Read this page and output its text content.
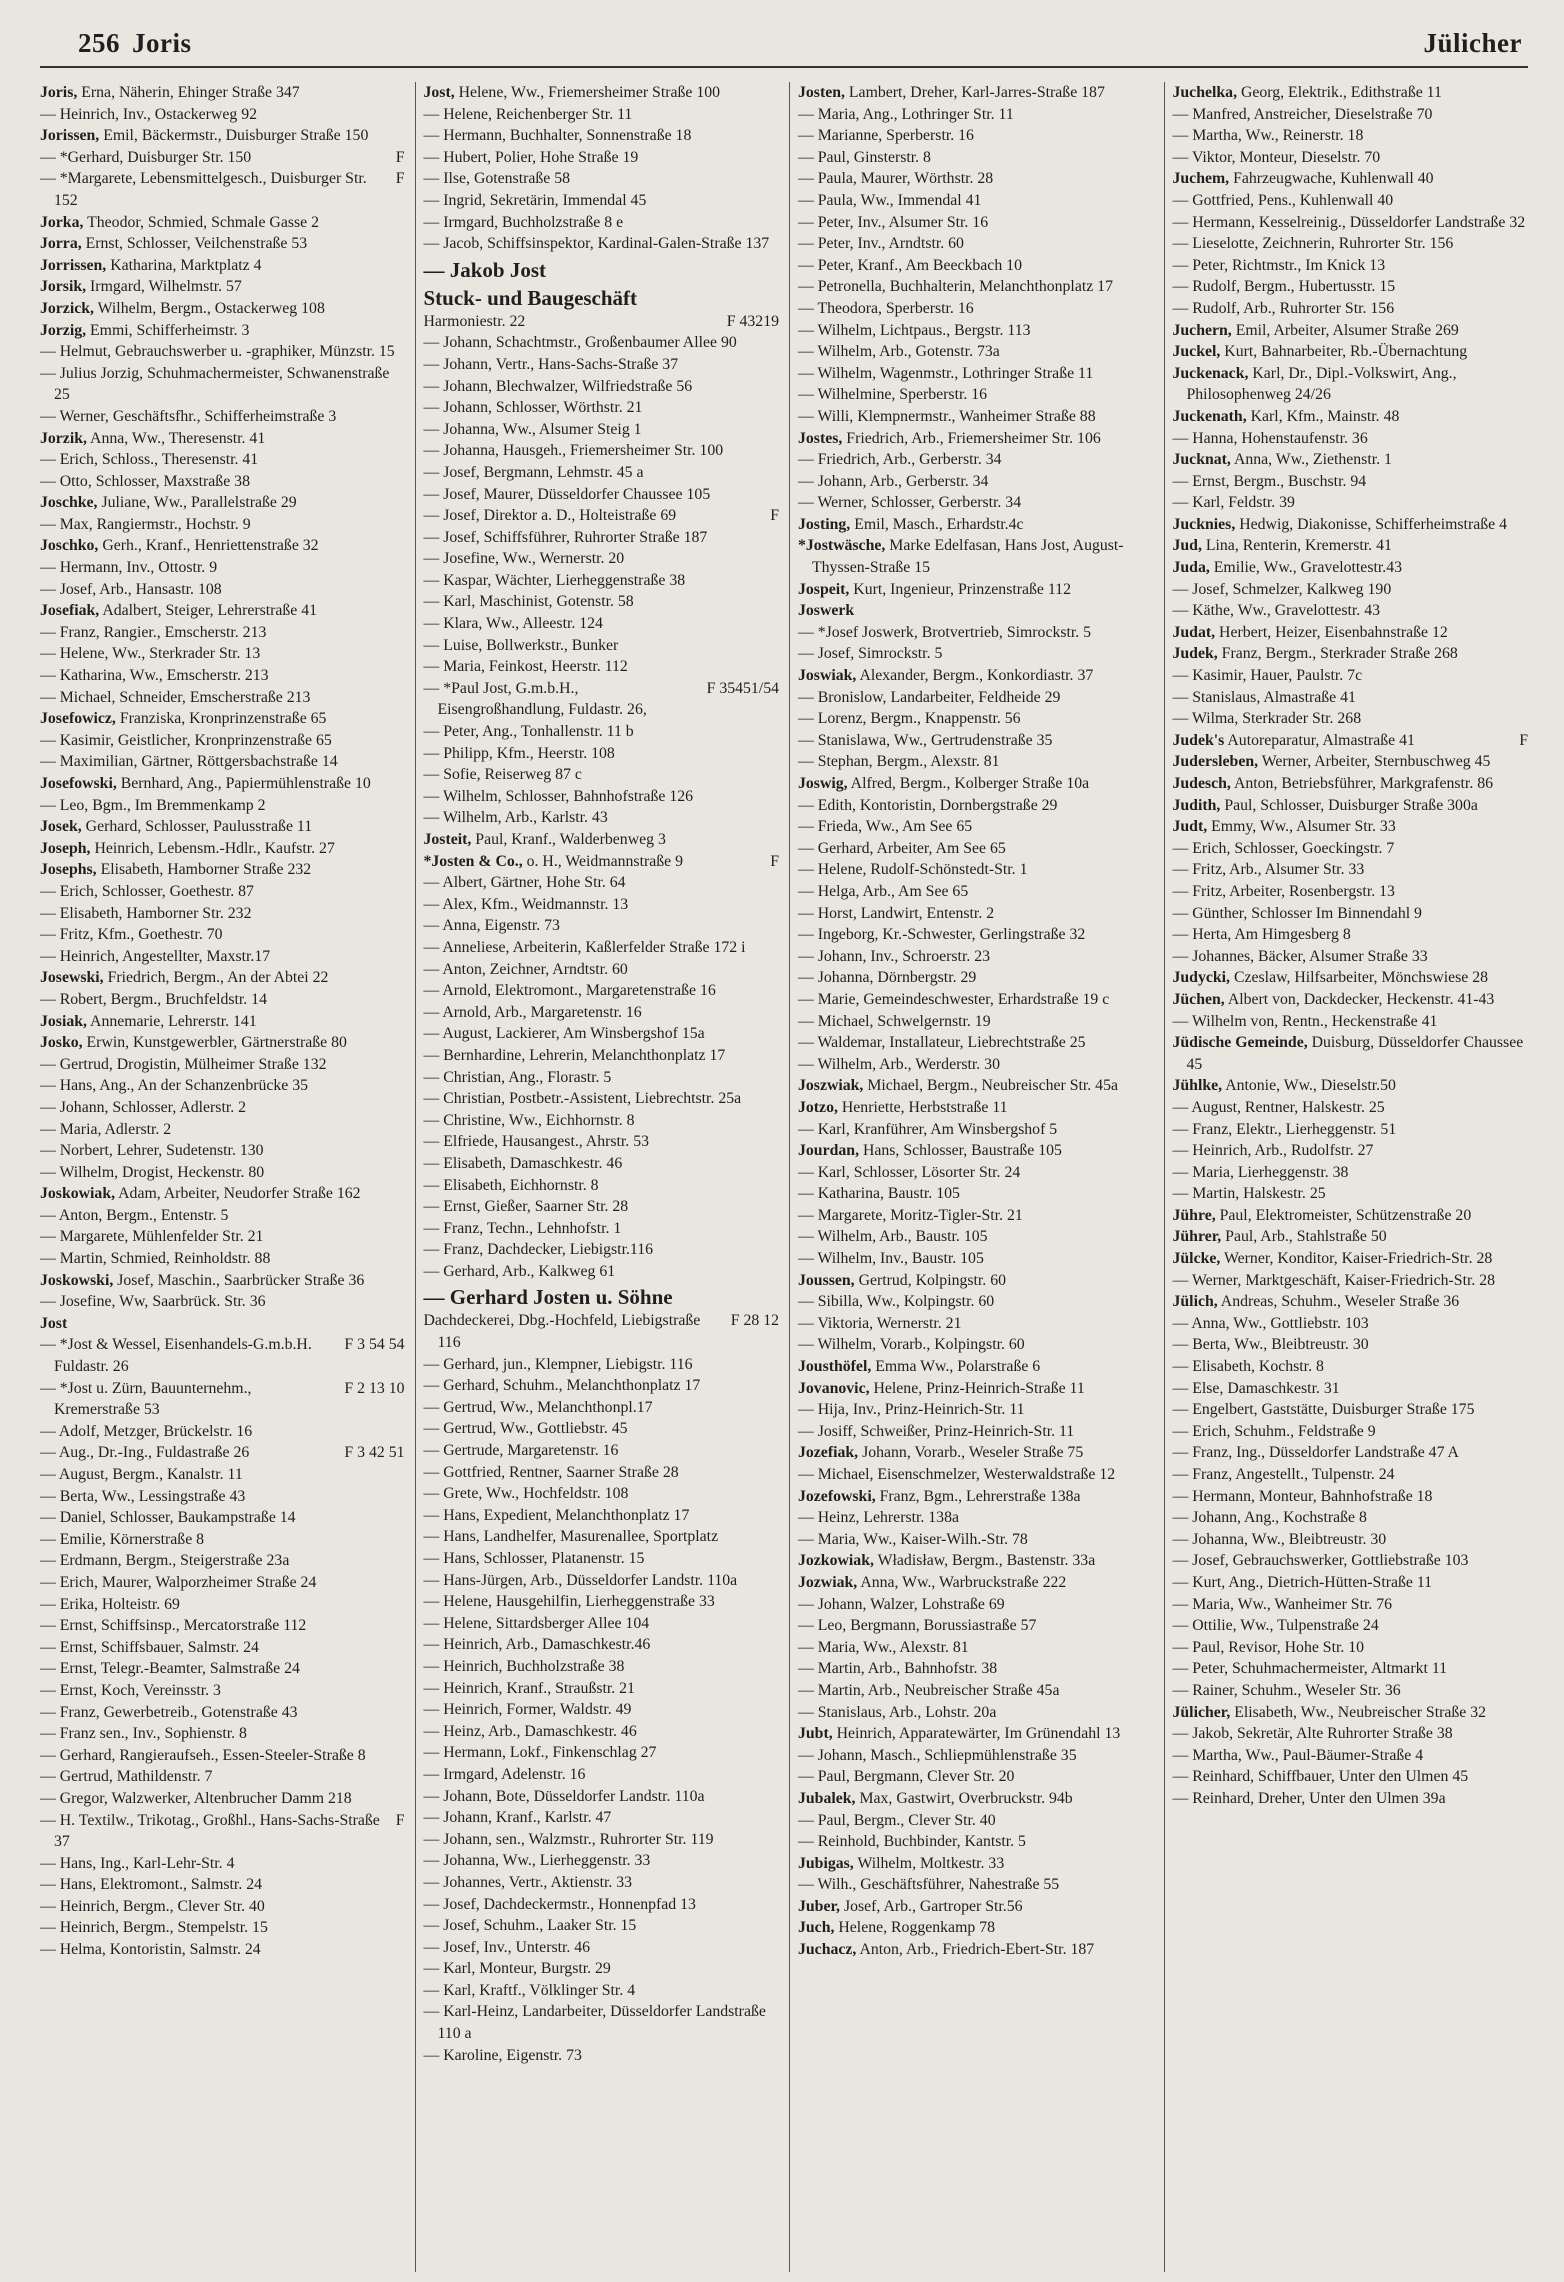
256 Joris	Jülicher
Joris, Erna, Näherin, Ehinger Straße 347
— Heinrich, Inv., Ostackerweg 92
Jorissen, Emil, Bäckermstr., Duisburger Straße 150
F
— *Gerhard, Duisburger Str. 150
F
— *Margarete, Lebensmittelgesch., Duisburger Str. 152
Jorka, Theodor, Schmied, Schmale Gasse 2
Jorra, Ernst, Schlosser, Veilchenstraße 53
Jorrissen, Katharina, Marktplatz 4
Jorsik, Irmgard, Wilhelmstr. 57
Jorzick, Wilhelm, Bergm., Ostackerweg 108
Jorzig, Emmi, Schifferheimstr. 3
— Helmut, Gebrauchswerber u. -graphiker, Münzstr. 15
— Julius Jorzig, Schuhmachermeister, Schwanenstraße 25
— Werner, Geschäftsfhr., Schifferheimstraße 3
Jorzik, Anna, Ww., Theresenstr. 41
— Erich, Schloss., Theresenstr. 41
— Otto, Schlosser, Maxstraße 38
Joschke, Juliane, Ww., Parallelstraße 29
— Max, Rangiermstr., Hochstr. 9
Joschko, Gerh., Kranf., Henriettenstraße 32
— Hermann, Inv., Ottostr. 9
— Josef, Arb., Hansastr. 108
Josefiak, Adalbert, Steiger, Lehrerstraße 41
— Franz, Rangier., Emscherstr. 213
— Helene, Ww., Sterkrader Str. 13
— Katharina, Ww., Emscherstr. 213
— Michael, Schneider, Emscherstraße 213
Josefowicz, Franziska, Kronprinzenstraße 65
— Kasimir, Geistlicher, Kronprinzenstraße 65
— Maximilian, Gärtner, Röttgersbachstraße 14
Josefowski, Bernhard, Ang., Papiermühlenstraße 10
— Leo, Bgm., Im Bremmenkamp 2
Josek, Gerhard, Schlosser, Paulusstraße 11
Joseph, Heinrich, Lebensm.-Hdlr., Kaufstr. 27
Josephs, Elisabeth, Hamborner Straße 232
— Erich, Schlosser, Goethestr. 87
— Elisabeth, Hamborner Str. 232
— Fritz, Kfm., Goethestr. 70
— Heinrich, Angestellter, Maxstr.17
Josewski, Friedrich, Bergm., An der Abtei 22
— Robert, Bergm., Bruchfeldstr. 14
Josiak, Annemarie, Lehrerstr. 141
Josko, Erwin, Kunstgewerbler, Gärtnerstraße 80
— Gertrud, Drogistin, Mülheimer Straße 132
— Hans, Ang., An der Schanzenbrücke 35
— Johann, Schlosser, Adlerstr. 2
— Maria, Adlerstr. 2
— Norbert, Lehrer, Sudetenstr. 130
— Wilhelm, Drogist, Heckenstr. 80
Joskowiak, Adam, Arbeiter, Neudorfer Straße 162
— Anton, Bergm., Entenstr. 5
— Margarete, Mühlenfelder Str. 21
— Martin, Schmied, Reinholdstr. 88
Joskowski, Josef, Maschin., Saarbrücker Straße 36
— Josefine, Ww, Saarbrück. Str. 36
Jost
F 3 54 54
— *Jost & Wessel, Eisenhandels-G.m.b.H. Fuldastr. 26
F 2 13 10
— *Jost u. Zürn, Bauunternehm., Kremerstraße 53
— Adolf, Metzger, Brückelstr. 16
F 3 42 51
— Aug., Dr.-Ing., Fuldastraße 26
— August, Bergm., Kanalstr. 11
— Berta, Ww., Lessingstraße 43
— Daniel, Schlosser, Baukampstraße 14
— Emilie, Körnerstraße 8
— Erdmann, Bergm., Steigerstraße 23a
— Erich, Maurer, Walporzheimer Straße 24
— Erika, Holteistr. 69
— Ernst, Schiffsinsp., Mercatorstraße 112
— Ernst, Schiffsbauer, Salmstr. 24
— Ernst, Telegr.-Beamter, Salmstraße 24
— Ernst, Koch, Vereinsstr. 3
— Franz, Gewerbetreib., Gotenstraße 43
— Franz sen., Inv., Sophienstr. 8
— Gerhard, Rangieraufseh., Essen-Steeler-Straße 8
— Gertrud, Mathildenstr. 7
— Gregor, Walzwerker, Altenbrucher Damm 218
F
— H. Textilw., Trikotag., Großhl., Hans-Sachs-Straße 37
— Hans, Ing., Karl-Lehr-Str. 4
— Hans, Elektromont., Salmstr. 24
— Heinrich, Bergm., Clever Str. 40
— Heinrich, Bergm., Stempelstr. 15
— Helma, Kontoristin, Salmstr. 24
Jost, Helene, Ww., Friemersheimer Straße 100
— Helene, Reichenberger Str. 11
— Hermann, Buchhalter, Sonnenstraße 18
— Hubert, Polier, Hohe Straße 19
— Ilse, Gotenstraße 58
— Ingrid, Sekretärin, Immendal 45
— Irmgard, Buchholzstraße 8 e
— Jacob, Schiffsinspektor, Kardinal-Galen-Straße 137
— Jakob Jost
Stuck- und Baugeschäft
F 43219
Harmoniestr. 22
— Johann, Schachtmstr., Großenbaumer Allee 90
— Johann, Vertr., Hans-Sachs-Straße 37
— Johann, Blechwalzer, Wilfriedstraße 56
— Johann, Schlosser, Wörthstr. 21
— Johanna, Ww., Alsumer Steig 1
— Johanna, Hausgeh., Friemersheimer Str. 100
— Josef, Bergmann, Lehmstr. 45 a
— Josef, Maurer, Düsseldorfer Chaussee 105
F
— Josef, Direktor a. D., Holteistraße 69
— Josef, Schiffsführer, Ruhrorter Straße 187
— Josefine, Ww., Wernerstr. 20
— Kaspar, Wächter, Lierheggenstraße 38
— Karl, Maschinist, Gotenstr. 58
— Klara, Ww., Alleestr. 124
— Luise, Bollwerkstr., Bunker
— Maria, Feinkost, Heerstr. 112
F 35451/54
— *Paul Jost, G.m.b.H., Eisengroßhandlung, Fuldastr. 26,
— Peter, Ang., Tonhallenstr. 11 b
— Philipp, Kfm., Heerstr. 108
— Sofie, Reiserweg 87 c
— Wilhelm, Schlosser, Bahnhofstraße 126
— Wilhelm, Arb., Karlstr. 43
Josteit, Paul, Kranf., Walderbenweg 3
F
*Josten & Co., o. H., Weidmannstraße 9
— Albert, Gärtner, Hohe Str. 64
— Alex, Kfm., Weidmannstr. 13
— Anna, Eigenstr. 73
— Anneliese, Arbeiterin, Kaßlerfelder Straße 172 i
— Anton, Zeichner, Arndtstr. 60
— Arnold, Elektromont., Margaretenstraße 16
— Arnold, Arb., Margaretenstr. 16
— August, Lackierer, Am Winsbergshof 15a
— Bernhardine, Lehrerin, Melanchthonplatz 17
— Christian, Ang., Florastr. 5
— Christian, Postbetr.-Assistent, Liebrechtstr. 25a
— Christine, Ww., Eichhornstr. 8
— Elfriede, Hausangest., Ahrstr. 53
— Elisabeth, Damaschkestr. 46
— Elisabeth, Eichhornstr. 8
— Ernst, Gießer, Saarner Str. 28
— Franz, Techn., Lehnhofstr. 1
— Franz, Dachdecker, Liebigstr.116
— Gerhard, Arb., Kalkweg 61
— Gerhard Josten u. Söhne
F 28 12
Dachdeckerei, Dbg.-Hochfeld, Liebigstraße 116
— Gerhard, jun., Klempner, Liebigstr. 116
— Gerhard, Schuhm., Melanchthonplatz 17
— Gertrud, Ww., Melanchthonpl.17
— Gertrud, Ww., Gottliebstr. 45
— Gertrude, Margaretenstr. 16
— Gottfried, Rentner, Saarner Straße 28
— Grete, Ww., Hochfeldstr. 108
— Hans, Expedient, Melanchthonplatz 17
— Hans, Landhelfer, Masurenallee, Sportplatz
— Hans, Schlosser, Platanenstr. 15
— Hans-Jürgen, Arb., Düsseldorfer Landstr. 110a
— Helene, Hausgehilfin, Lierheggenstraße 33
— Helene, Sittardsberger Allee 104
— Heinrich, Arb., Damaschkestr.46
— Heinrich, Buchholzstraße 38
— Heinrich, Kranf., Straußstr. 21
— Heinrich, Former, Waldstr. 49
— Heinz, Arb., Damaschkestr. 46
— Hermann, Lokf., Finkenschlag 27
— Irmgard, Adelenstr. 16
— Johann, Bote, Düsseldorfer Landstr. 110a
— Johann, Kranf., Karlstr. 47
— Johann, sen., Walzmstr., Ruhrorter Str. 119
— Johanna, Ww., Lierheggenstr. 33
— Johannes, Vertr., Aktienstr. 33
— Josef, Dachdeckermstr., Honnenpfad 13
— Josef, Schuhm., Laaker Str. 15
— Josef, Inv., Unterstr. 46
— Karl, Monteur, Burgstr. 29
— Karl, Kraftf., Völklinger Str. 4
— Karl-Heinz, Landarbeiter, Düsseldorfer Landstraße 110 a
— Karoline, Eigenstr. 73
Josten, Lambert, Dreher, Karl-Jarres-Straße 187
— Maria, Ang., Lothringer Str. 11
— Marianne, Sperberstr. 16
— Paul, Ginsterstr. 8
— Paula, Maurer, Wörthstr. 28
— Paula, Ww., Immendal 41
— Peter, Inv., Alsumer Str. 16
— Peter, Inv., Arndtstr. 60
— Peter, Kranf., Am Beeckbach 10
— Petronella, Buchhalterin, Melanchthonplatz 17
— Theodora, Sperberstr. 16
— Wilhelm, Lichtpaus., Bergstr. 113
— Wilhelm, Arb., Gotenstr. 73a
— Wilhelm, Wagenmstr., Lothringer Straße 11
— Wilhelmine, Sperberstr. 16
— Willi, Klempnermstr., Wanheimer Straße 88
Jostes, Friedrich, Arb., Friemersheimer Str. 106
— Friedrich, Arb., Gerberstr. 34
— Johann, Arb., Gerberstr. 34
— Werner, Schlosser, Gerberstr. 34
Josting, Emil, Masch., Erhardstr.4c
*Jostwäsche, Marke Edelfasan, Hans Jost, August-Thyssen-Straße 15
Jospeit, Kurt, Ingenieur, Prinzenstraße 112
Joswerk
— *Josef Joswerk, Brotvertrieb, Simrockstr. 5
— Josef, Simrockstr. 5
Joswiak, Alexander, Bergm., Konkordiastr. 37
— Bronislow, Landarbeiter, Feldheide 29
— Lorenz, Bergm., Knappenstr. 56
— Stanislawa, Ww., Gertrudenstraße 35
— Stephan, Bergm., Alexstr. 81
Joswig, Alfred, Bergm., Kolberger Straße 10a
— Edith, Kontoristin, Dornbergstraße 29
— Frieda, Ww., Am See 65
— Gerhard, Arbeiter, Am See 65
— Helene, Rudolf-Schönstedt-Str. 1
— Helga, Arb., Am See 65
— Horst, Landwirt, Entenstr. 2
— Ingeborg, Kr.-Schwester, Gerlingstraße 32
— Johann, Inv., Schroerstr. 23
— Johanna, Dörnbergstr. 29
— Marie, Gemeindeschwester, Erhardstraße 19 c
— Michael, Schwelgernstr. 19
— Waldemar, Installateur, Liebrechtstraße 25
— Wilhelm, Arb., Werderstr. 30
Joszwiak, Michael, Bergm., Neubreischer Str. 45a
Jotzo, Henriette, Herbststraße 11
— Karl, Kranführer, Am Winsbergshof 5
Jourdan, Hans, Schlosser, Baustraße 105
— Karl, Schlosser, Lösorter Str. 24
— Katharina, Baustr. 105
— Margarete, Moritz-Tigler-Str. 21
— Wilhelm, Arb., Baustr. 105
— Wilhelm, Inv., Baustr. 105
Joussen, Gertrud, Kolpingstr. 60
— Sibilla, Ww., Kolpingstr. 60
— Viktoria, Wernerstr. 21
— Wilhelm, Vorarb., Kolpingstr. 60
Jousthöfel, Emma Ww., Polarstraße 6
Jovanovic, Helene, Prinz-Heinrich-Straße 11
— Hija, Inv., Prinz-Heinrich-Str. 11
— Josiff, Schweißer, Prinz-Heinrich-Str. 11
Jozefiak, Johann, Vorarb., Weseler Straße 75
— Michael, Eisenschmelzer, Westerwaldstraße 12
Jozefowski, Franz, Bgm., Lehrerstraße 138a
— Heinz, Lehrerstr. 138a
— Maria, Ww., Kaiser-Wilh.-Str. 78
Jozkowiak, Władisław, Bergm., Bastenstr. 33a
Jozwiak, Anna, Ww., Warbruckstraße 222
— Johann, Walzer, Lohstraße 69
— Leo, Bergmann, Borussiastraße 57
— Maria, Ww., Alexstr. 81
— Martin, Arb., Bahnhofstr. 38
— Martin, Arb., Neubreischer Straße 45a
— Stanislaus, Arb., Lohstr. 20a
Jubt, Heinrich, Apparatewärter, Im Grünendahl 13
— Johann, Masch., Schliepmühlenstraße 35
— Paul, Bergmann, Clever Str. 20
Jubalek, Max, Gastwirt, Overbruckstr. 94b
— Paul, Bergm., Clever Str. 40
— Reinhold, Buchbinder, Kantstr. 5
Jubigas, Wilhelm, Moltkestr. 33
— Wilh., Geschäftsführer, Nahestraße 55
Juber, Josef, Arb., Gartroper Str.56
Juch, Helene, Roggenkamp 78
Juchacz, Anton, Arb., Friedrich-Ebert-Str. 187
Juchelka, Georg, Elektrik., Edithstraße 11
— Manfred, Anstreicher, Dieselstraße 70
— Martha, Ww., Reinerstr. 18
— Viktor, Monteur, Dieselstr. 70
Juchem, Fahrzeugwache, Kuhlenwall 40
— Gottfried, Pens., Kuhlenwall 40
— Hermann, Kesselreinig., Düsseldorfer Landstraße 32
— Lieselotte, Zeichnerin, Ruhrorter Str. 156
— Peter, Richtmstr., Im Knick 13
— Rudolf, Bergm., Hubertusstr. 15
— Rudolf, Arb., Ruhrorter Str. 156
Juchern, Emil, Arbeiter, Alsumer Straße 269
Juckel, Kurt, Bahnarbeiter, Rb.-Übernachtung
Juckenack, Karl, Dr., Dipl.-Volkswirt, Ang., Philosophenweg 24/26
Juckenath, Karl, Kfm., Mainstr. 48
— Hanna, Hohenstaufenstr. 36
Jucknat, Anna, Ww., Ziethenstr. 1
— Ernst, Bergm., Buschstr. 94
— Karl, Feldstr. 39
Jucknies, Hedwig, Diakonisse, Schifferheimstraße 4
Jud, Lina, Renterin, Kremerstr. 41
Juda, Emilie, Ww., Gravelottestr.43
— Josef, Schmelzer, Kalkweg 190
— Käthe, Ww., Gravelottestr. 43
Judat, Herbert, Heizer, Eisenbahnstraße 12
Judek, Franz, Bergm., Sterkrader Straße 268
— Kasimir, Hauer, Paulstr. 7c
— Stanislaus, Almastraße 41
— Wilma, Sterkrader Str. 268
F
Judek's Autoreparatur, Almastraße 41
Judersleben, Werner, Arbeiter, Sternbuschweg 45
Judesch, Anton, Betriebsführer, Markgrafenstr. 86
Judith, Paul, Schlosser, Duisburger Straße 300a
Judt, Emmy, Ww., Alsumer Str. 33
— Erich, Schlosser, Goeckingstr. 7
— Fritz, Arb., Alsumer Str. 33
— Fritz, Arbeiter, Rosenbergstr. 13
— Günther, Schlosser Im Binnendahl 9
— Herta, Am Himgesberg 8
— Johannes, Bäcker, Alsumer Straße 33
Judycki, Czeslaw, Hilfsarbeiter, Mönchswiese 28
Jüchen, Albert von, Dackdecker, Heckenstr. 41-43
— Wilhelm von, Rentn., Heckenstraße 41
Jüdische Gemeinde, Duisburg, Düsseldorfer Chaussee 45
Jühlke, Antonie, Ww., Dieselstr.50
— August, Rentner, Halskestr. 25
— Franz, Elektr., Lierheggenstr. 51
— Heinrich, Arb., Rudolfstr. 27
— Maria, Lierheggenstr. 38
— Martin, Halskestr. 25
Jühre, Paul, Elektromeister, Schützenstraße 20
Jührer, Paul, Arb., Stahlstraße 50
Jülcke, Werner, Konditor, Kaiser-Friedrich-Str. 28
— Werner, Marktgeschäft, Kaiser-Friedrich-Str. 28
Jülich, Andreas, Schuhm., Weseler Straße 36
— Anna, Ww., Gottliebstr. 103
— Berta, Ww., Bleibtreustr. 30
— Elisabeth, Kochstr. 8
— Else, Damaschkestr. 31
— Engelbert, Gaststätte, Duisburger Straße 175
— Erich, Schuhm., Feldstraße 9
— Franz, Ing., Düsseldorfer Landstraße 47 A
— Franz, Angestellt., Tulpenstr. 24
— Hermann, Monteur, Bahnhofstraße 18
— Johann, Ang., Kochstraße 8
— Johanna, Ww., Bleibtreustr. 30
— Josef, Gebrauchswerker, Gottliebstraße 103
— Kurt, Ang., Dietrich-Hütten-Straße 11
— Maria, Ww., Wanheimer Str. 76
— Ottilie, Ww., Tulpenstraße 24
— Paul, Revisor, Hohe Str. 10
— Peter, Schuhmachermeister, Altmarkt 11
— Rainer, Schuhm., Weseler Str. 36
Jülicher, Elisabeth, Ww., Neubreischer Straße 32
— Jakob, Sekretär, Alte Ruhrorter Straße 38
— Martha, Ww., Paul-Bäumer-Straße 4
— Reinhard, Schiffbauer, Unter den Ulmen 45
— Reinhard, Dreher, Unter den Ulmen 39a
